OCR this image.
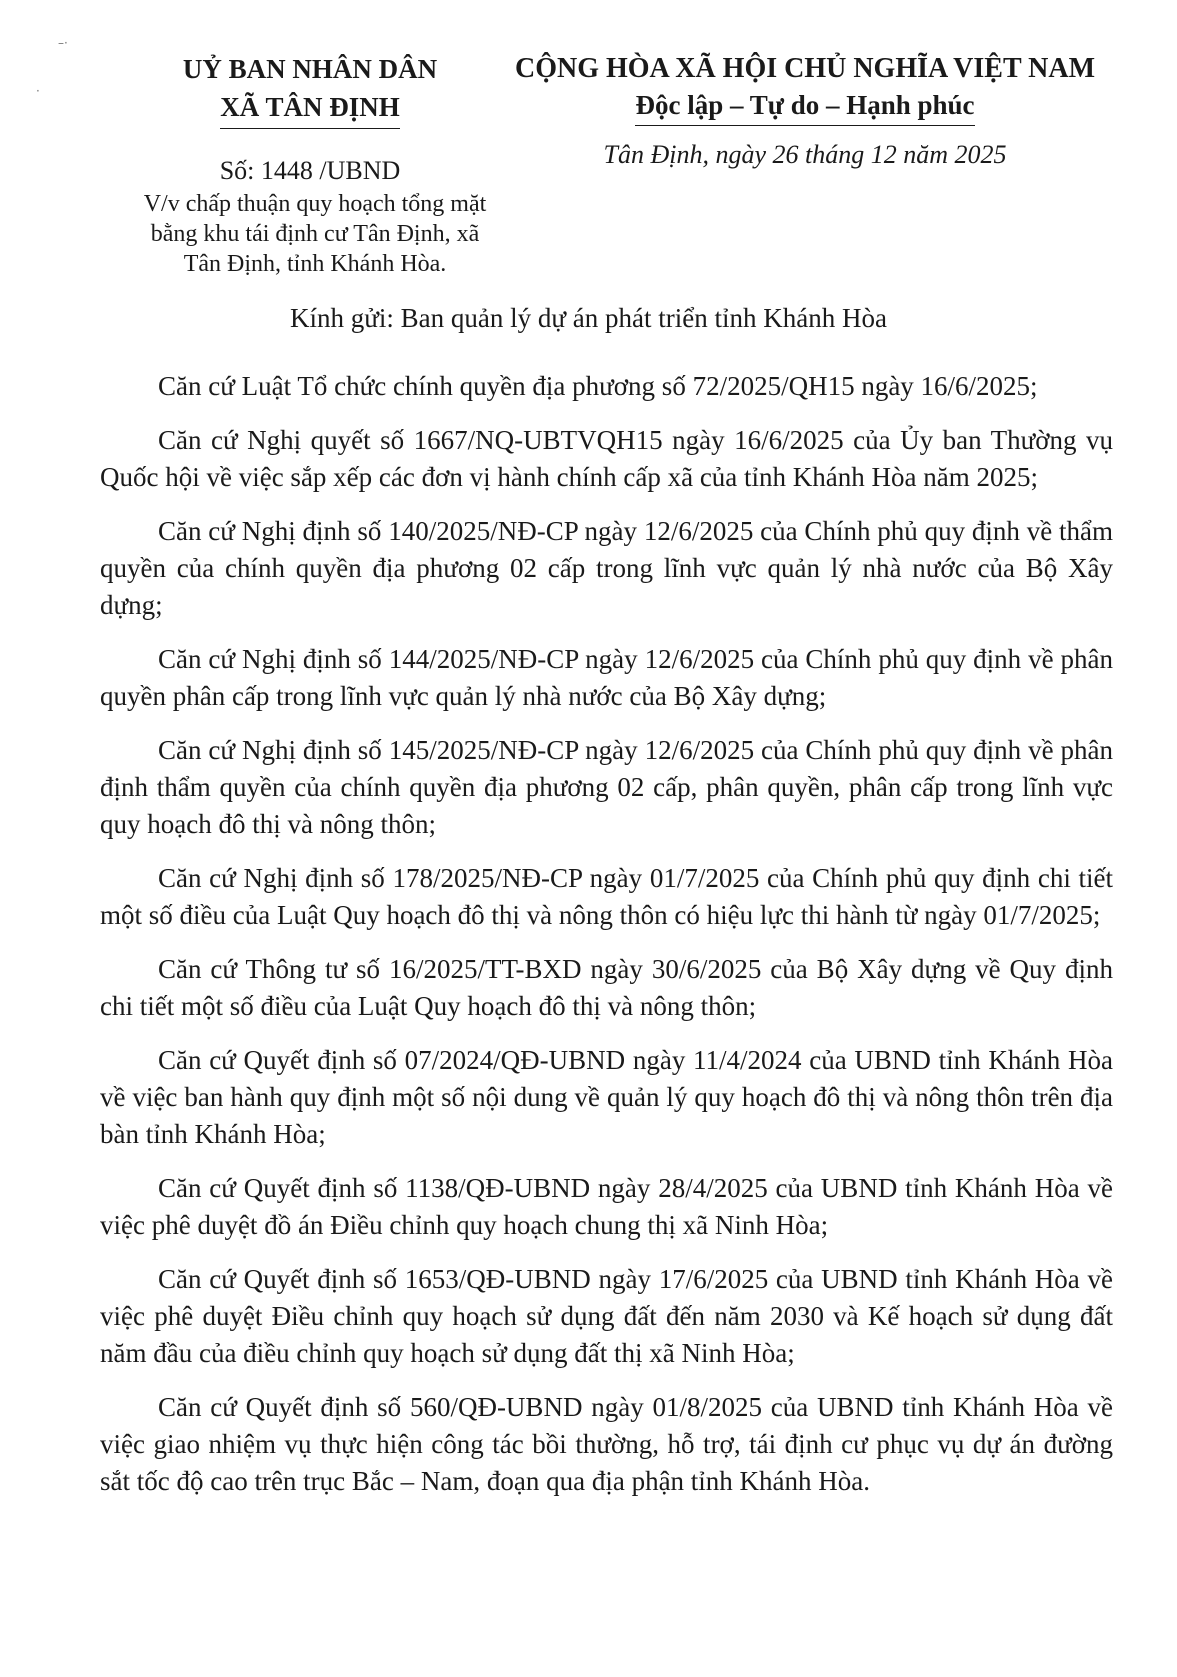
–·
·
UỶ BAN NHÂN DÂN
XÃ TÂN ĐỊNH
Số: 1448 /UBND
V/v chấp thuận quy hoạch tổng mặt
bằng khu tái định cư Tân Định, xã
Tân Định, tỉnh Khánh Hòa.
CỘNG HÒA XÃ HỘI CHỦ NGHĨA VIỆT NAM
Độc lập – Tự do – Hạnh phúc
Tân Định, ngày 26 tháng 12 năm 2025
Kính gửi: Ban quản lý dự án phát triển tỉnh Khánh Hòa

Căn cứ Luật Tổ chức chính quyền địa phương số 72/2025/QH15 ngày 16/6/2025;

Căn cứ Nghị quyết số 1667/NQ-UBTVQH15 ngày 16/6/2025 của Ủy ban Thường vụ Quốc hội về việc sắp xếp các đơn vị hành chính cấp xã của tỉnh Khánh Hòa năm 2025;

Căn cứ Nghị định số 140/2025/NĐ-CP ngày 12/6/2025 của Chính phủ quy định về thẩm quyền của chính quyền địa phương 02 cấp trong lĩnh vực quản lý nhà nước của Bộ Xây dựng;

Căn cứ Nghị định số 144/2025/NĐ-CP ngày 12/6/2025 của Chính phủ quy định về phân quyền phân cấp trong lĩnh vực quản lý nhà nước của Bộ Xây dựng;

Căn cứ Nghị định số 145/2025/NĐ-CP ngày 12/6/2025 của Chính phủ quy định về phân định thẩm quyền của chính quyền địa phương 02 cấp, phân quyền, phân cấp trong lĩnh vực quy hoạch đô thị và nông thôn;

Căn cứ Nghị định số 178/2025/NĐ-CP ngày 01/7/2025 của Chính phủ quy định chi tiết một số điều của Luật Quy hoạch đô thị và nông thôn có hiệu lực thi hành từ ngày 01/7/2025;

Căn cứ Thông tư số 16/2025/TT-BXD ngày 30/6/2025 của Bộ Xây dựng về Quy định chi tiết một số điều của Luật Quy hoạch đô thị và nông thôn;

Căn cứ Quyết định số 07/2024/QĐ-UBND ngày 11/4/2024 của UBND tỉnh Khánh Hòa về việc ban hành quy định một số nội dung về quản lý quy hoạch đô thị và nông thôn trên địa bàn tỉnh Khánh Hòa;

Căn cứ Quyết định số 1138/QĐ-UBND ngày 28/4/2025 của UBND tỉnh Khánh Hòa về việc phê duyệt đồ án Điều chỉnh quy hoạch chung thị xã Ninh Hòa;

Căn cứ Quyết định số 1653/QĐ-UBND ngày 17/6/2025 của UBND tỉnh Khánh Hòa về việc phê duyệt Điều chỉnh quy hoạch sử dụng đất đến năm 2030 và Kế hoạch sử dụng đất năm đầu của điều chỉnh quy hoạch sử dụng đất thị xã Ninh Hòa;

Căn cứ Quyết định số 560/QĐ-UBND ngày 01/8/2025 của UBND tỉnh Khánh Hòa về việc giao nhiệm vụ thực hiện công tác bồi thường, hỗ trợ, tái định cư phục vụ dự án đường sắt tốc độ cao trên trục Bắc – Nam, đoạn qua địa phận tỉnh Khánh Hòa.
